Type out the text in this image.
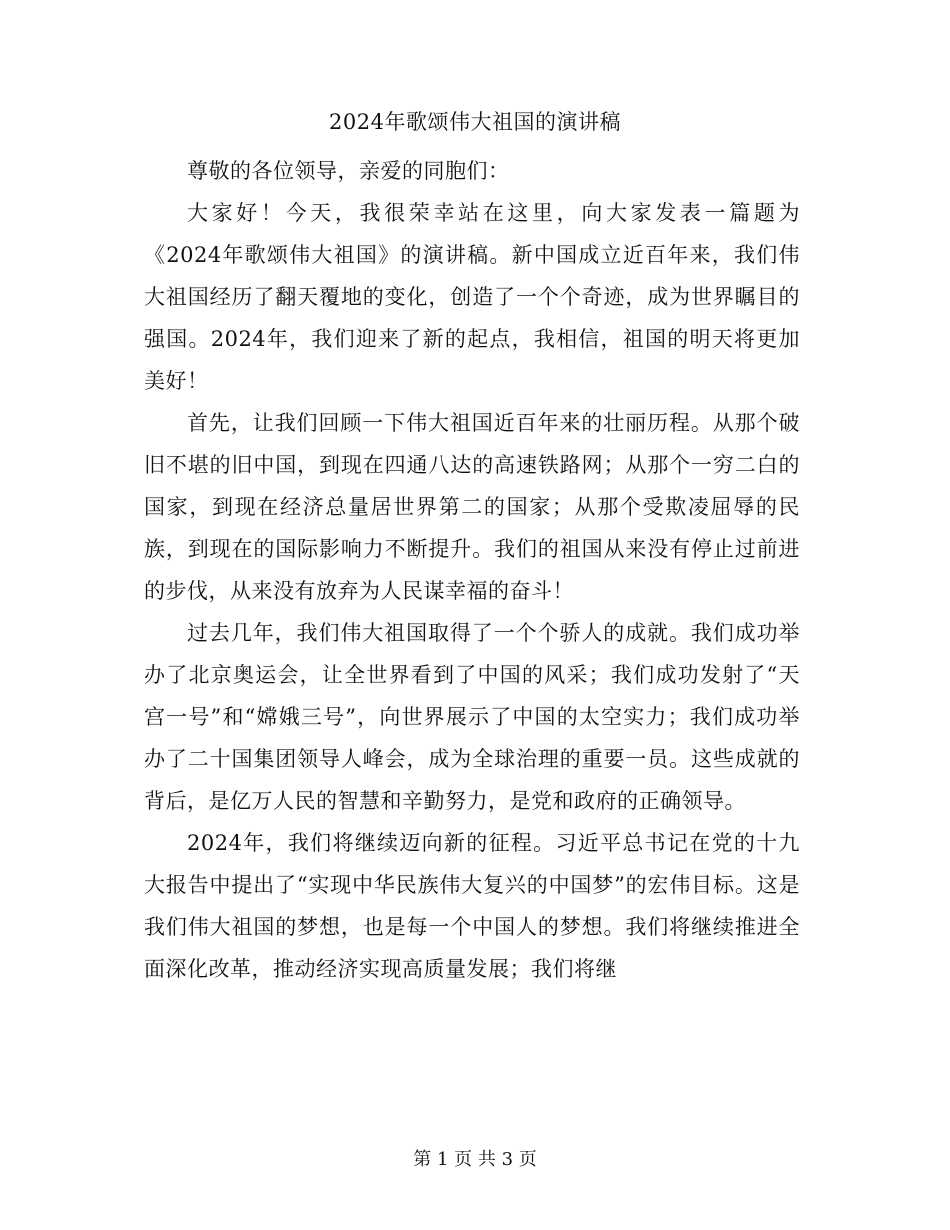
2024年歌颂伟大祖国的演讲稿

尊敬的各位领导，亲爱的同胞们：

大家好！今天，我很荣幸站在这里，向大家发表一篇题为《2024年歌颂伟大祖国》的演讲稿。新中国成立近百年来，我们伟大祖国经历了翻天覆地的变化，创造了一个个奇迹，成为世界瞩目的强国。2024年，我们迎来了新的起点，我相信，祖国的明天将更加美好！

首先，让我们回顾一下伟大祖国近百年来的壮丽历程。从那个破旧不堪的旧中国，到现在四通八达的高速铁路网；从那个一穷二白的国家，到现在经济总量居世界第二的国家；从那个受欺凌屈辱的民族，到现在的国际影响力不断提升。我们的祖国从来没有停止过前进的步伐，从来没有放弃为人民谋幸福的奋斗！

过去几年，我们伟大祖国取得了一个个骄人的成就。我们成功举办了北京奥运会，让全世界看到了中国的风采；我们成功发射了“天宫一号”和“嫦娥三号”，向世界展示了中国的太空实力；我们成功举办了二十国集团领导人峰会，成为全球治理的重要一员。这些成就的背后，是亿万人民的智慧和辛勤努力，是党和政府的正确领导。

2024年，我们将继续迈向新的征程。习近平总书记在党的十九大报告中提出了“实现中华民族伟大复兴的中国梦”的宏伟目标。这是我们伟大祖国的梦想，也是每一个中国人的梦想。我们将继续推进全面深化改革，推动经济实现高质量发展；我们将继

第 1 页 共 3 页
